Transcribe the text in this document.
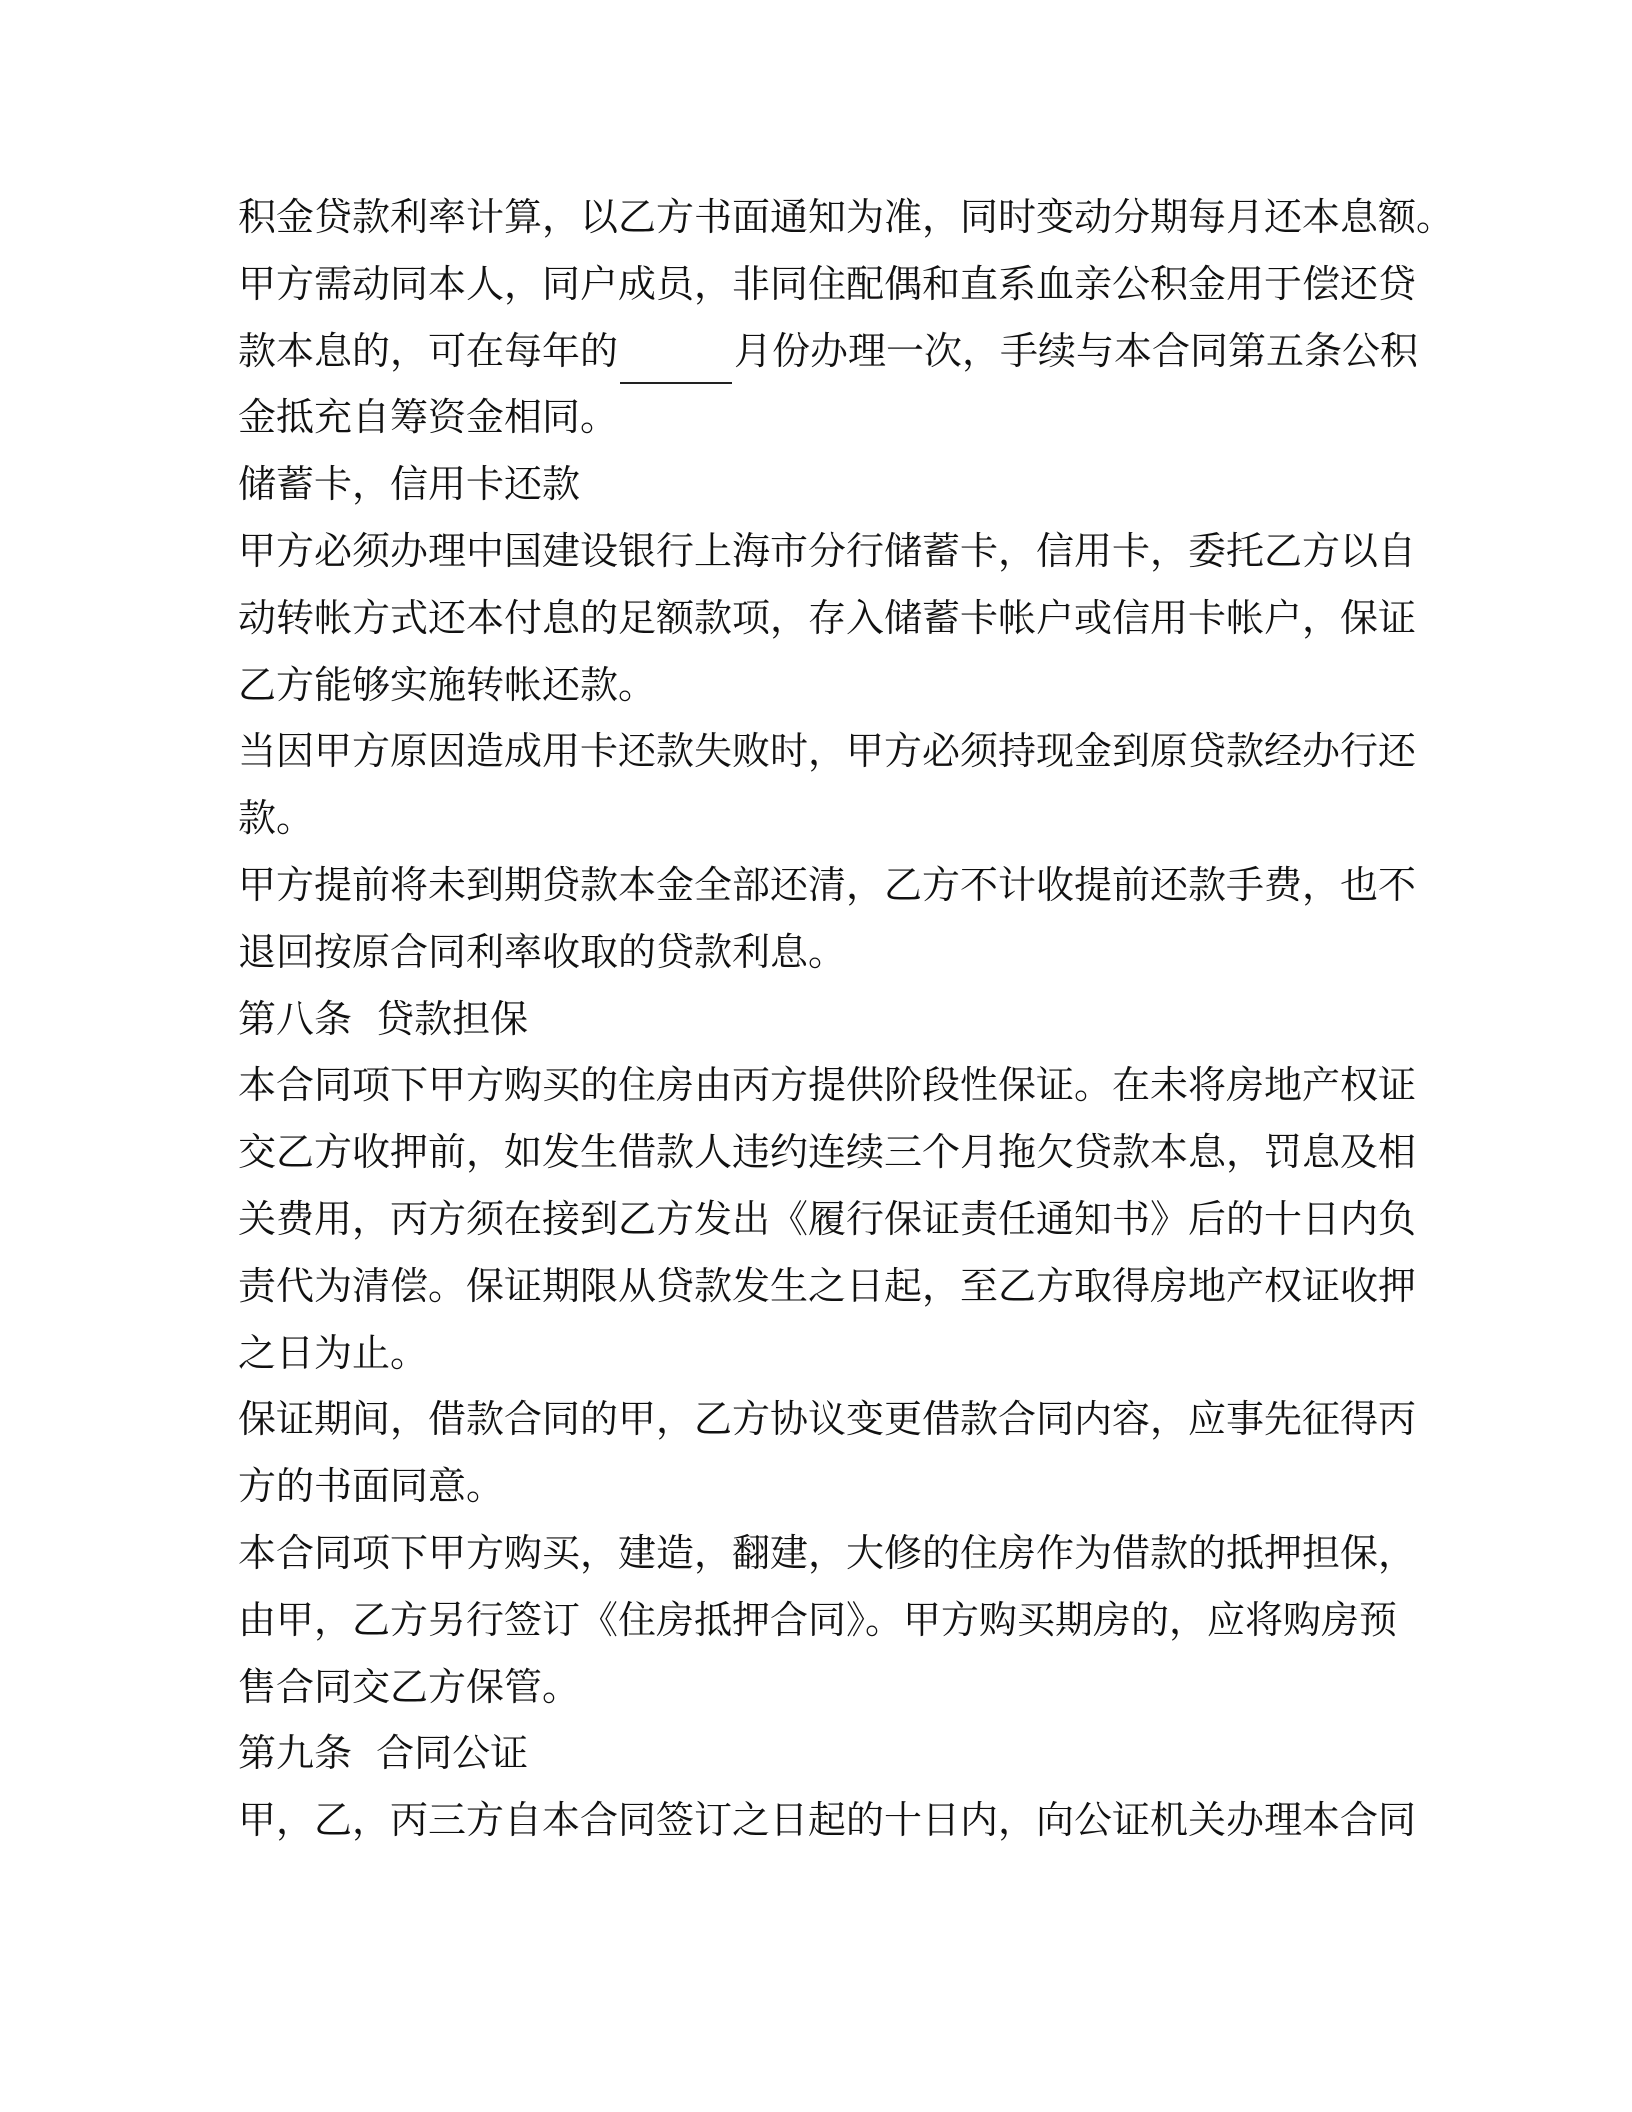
积金贷款利率计算，以乙方书面通知为准，同时变动分期每月还本息额。
甲方需动同本人，同户成员，非同住配偶和直系血亲公积金用于偿还贷
款本息的，可在每年的	月份办理一次，手续与本合同第五条公积
金抵充自筹资金相同。
储蓄卡，信用卡还款
甲方必须办理中国建设银行上海市分行储蓄卡，信用卡，委托乙方以自
动转帐方式还本付息的足额款项，存入储蓄卡帐户或信用卡帐户，保证
乙方能够实施转帐还款。
当因甲方原因造成用卡还款失败时，甲方必须持现金到原贷款经办行还
款。
甲方提前将未到期贷款本金全部还清，乙方不计收提前还款手费，也不
退回按原合同利率收取的贷款利息。
第八条  贷款担保
本合同项下甲方购买的住房由丙方提供阶段性保证。在未将房地产权证
交乙方收押前，如发生借款人违约连续三个月拖欠贷款本息，罚息及相
关费用，丙方须在接到乙方发出《履行保证责任通知书》后的十日内负
责代为清偿。保证期限从贷款发生之日起，至乙方取得房地产权证收押
之日为止。
保证期间，借款合同的甲，乙方协议变更借款合同内容，应事先征得丙
方的书面同意。
本合同项下甲方购买，建造，翻建，大修的住房作为借款的抵押担保，
由甲，乙方另行签订《住房抵押合同》。甲方购买期房的，应将购房预
售合同交乙方保管。
第九条  合同公证
甲，乙，丙三方自本合同签订之日起的十日内，向公证机关办理本合同
